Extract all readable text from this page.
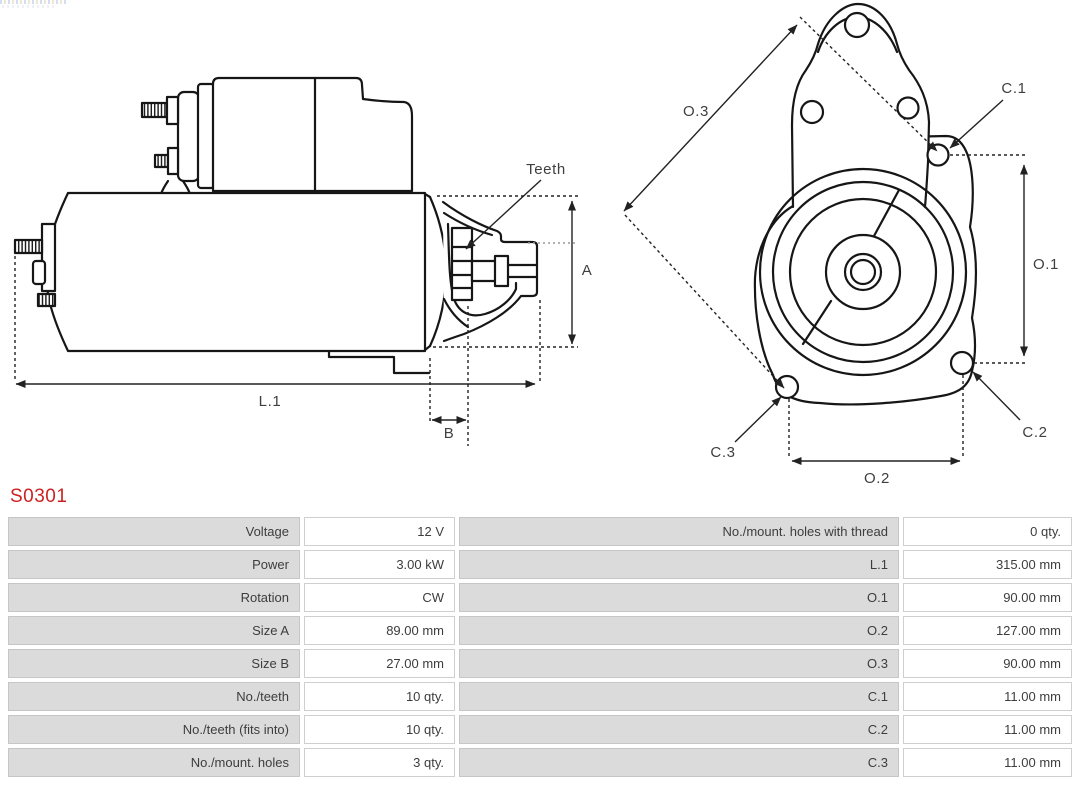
Teeth
A
L.1
B
O.3
C.1
O.1
C.2
C.3
O.2
S0301
Voltage	12 V	No./mount. holes with thread	0 qty.
Power	3.00 kW	L.1	315.00 mm
Rotation	CW	O.1	90.00 mm
Size A	89.00 mm	O.2	127.00 mm
Size B	27.00 mm	O.3	90.00 mm
No./teeth	10 qty.	C.1	11.00 mm
No./teeth (fits into)	10 qty.	C.2	11.00 mm
No./mount. holes	3 qty.	C.3	11.00 mm
